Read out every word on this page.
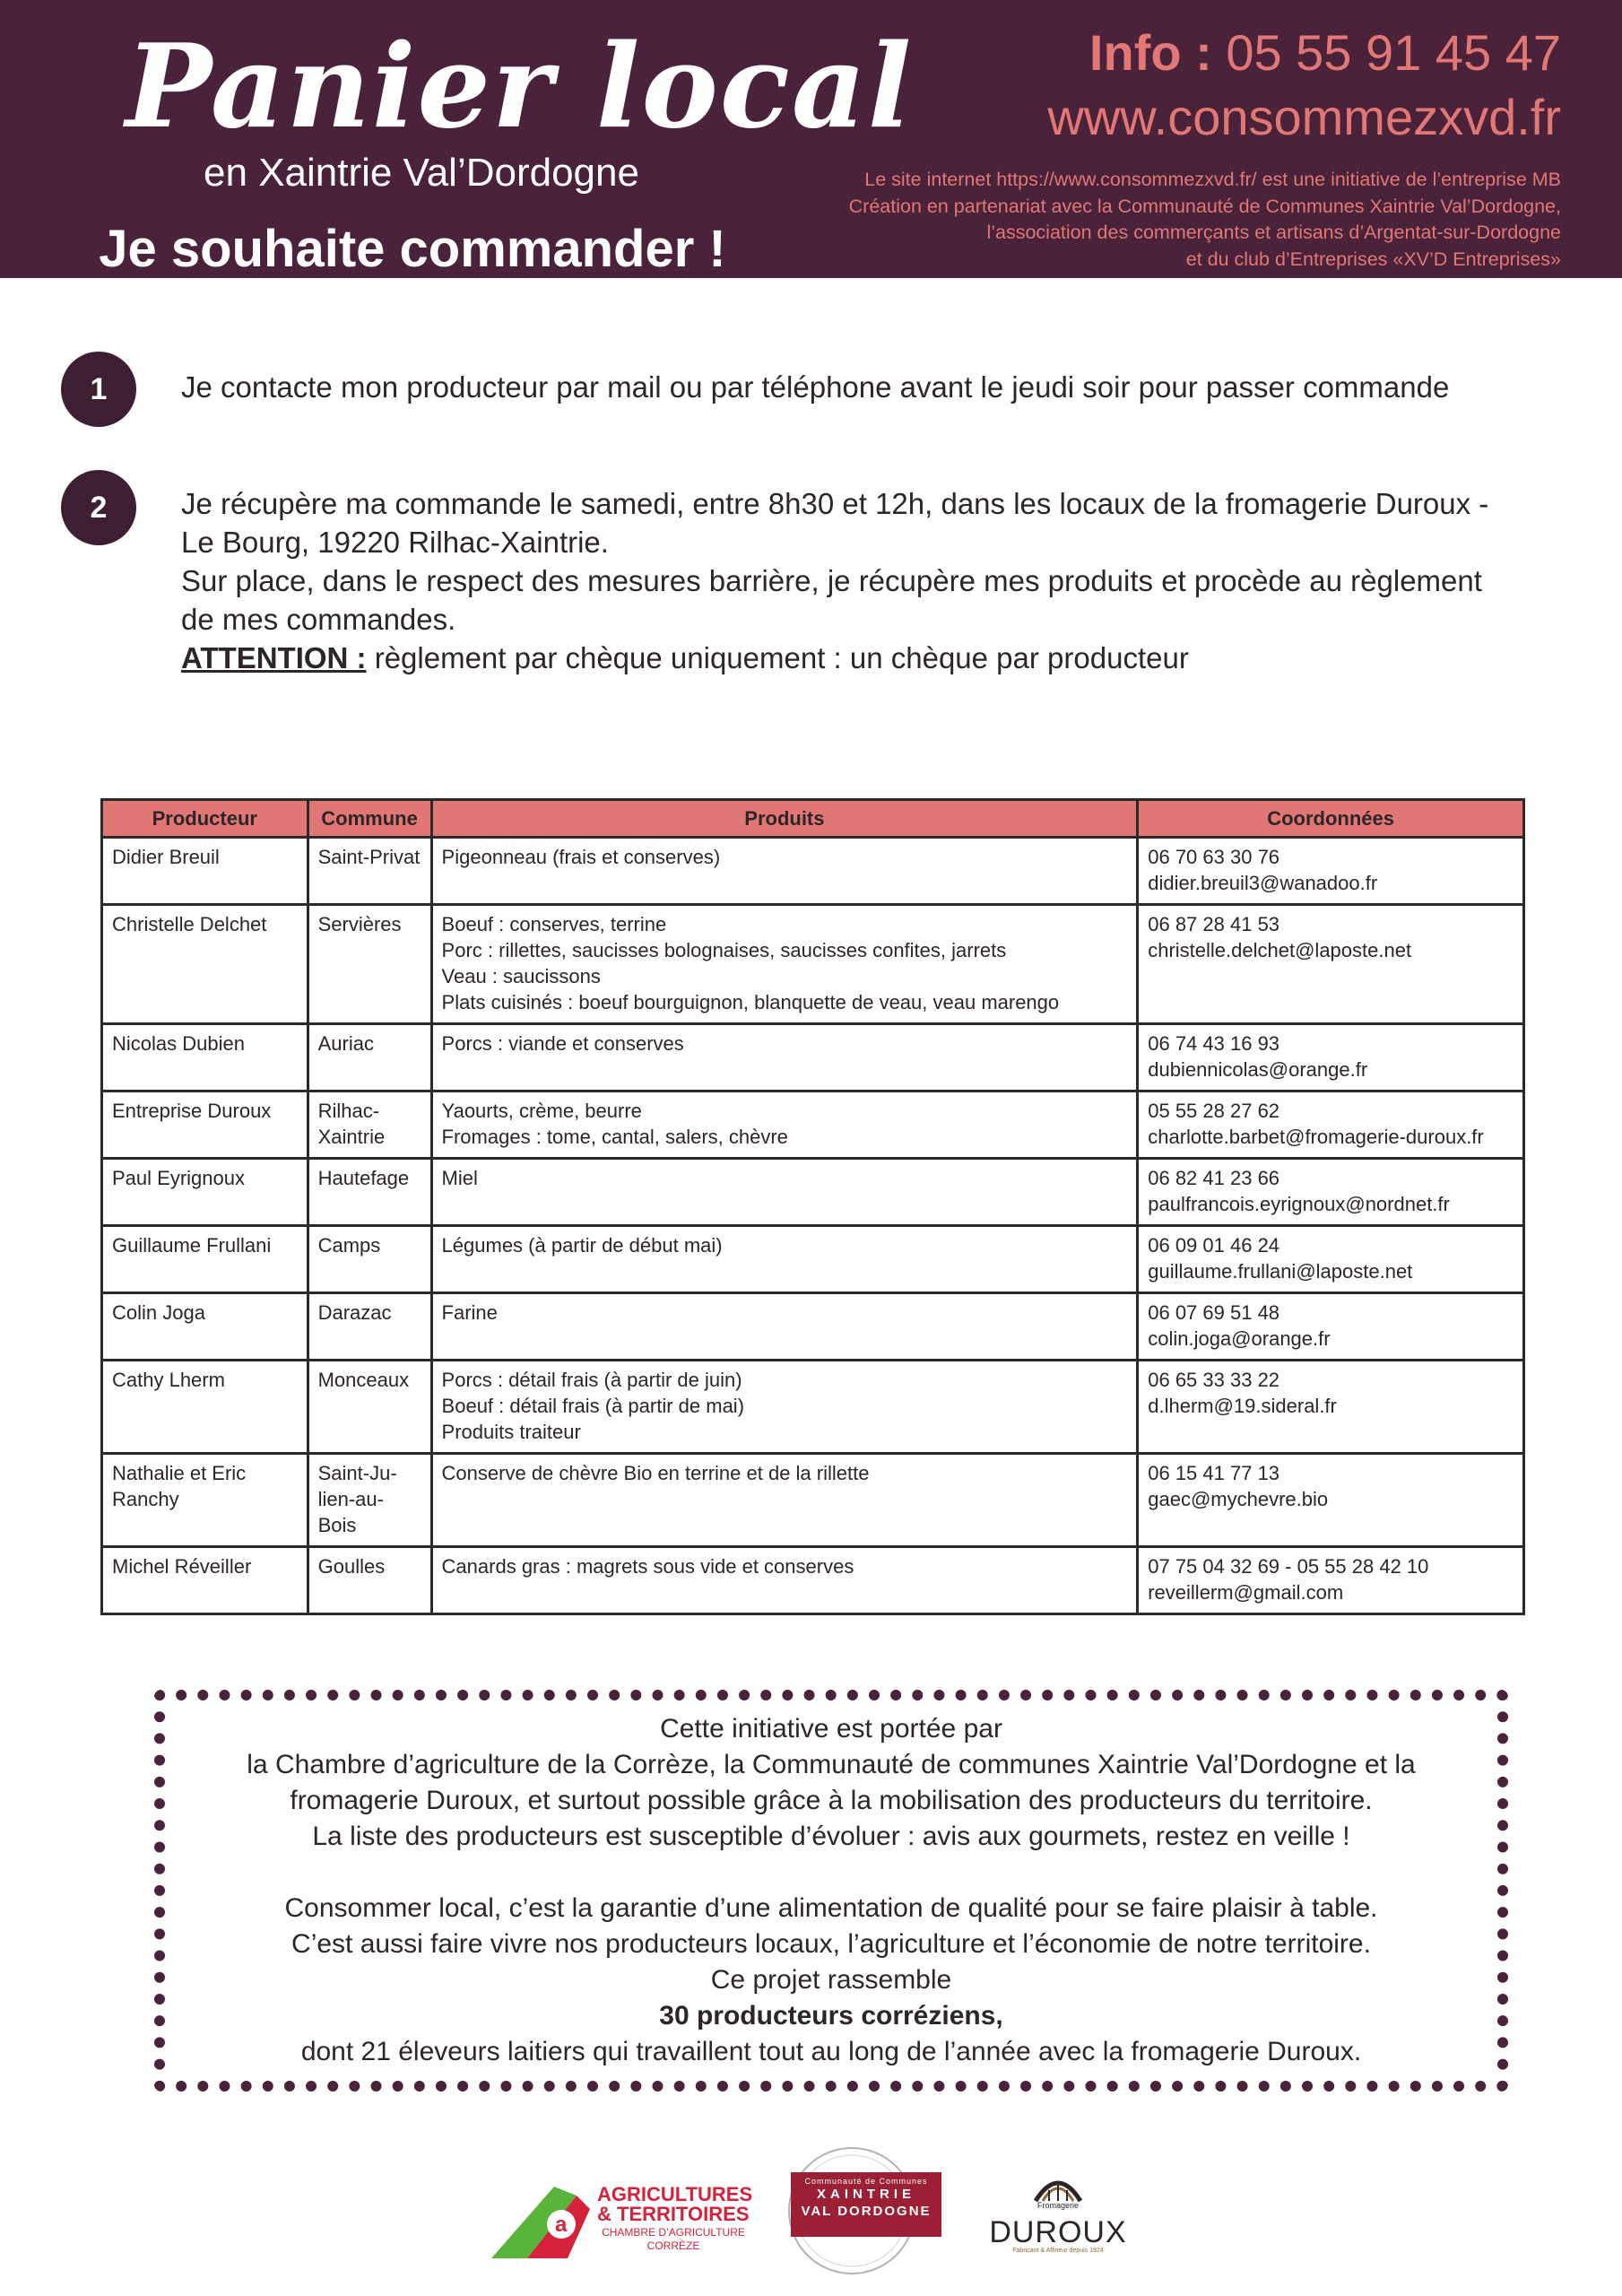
Panier local
en Xaintrie Val’Dordogne
Je souhaite commander !
Info : 05 55 91 45 47
www.consommezxvd.fr
Le site internet https://www.consommezxvd.fr/ est une initiative de l’entreprise MB
Création en partenariat avec la Communauté de Communes Xaintrie Val’Dordogne,
l’association des commerçants et artisans d’Argentat-sur-Dordogne
et du club d’Entreprises «XV’D Entreprises»
1	Je contacte mon producteur par mail ou par téléphone avant le jeudi soir pour passer commande
2	Je récupère ma commande le samedi, entre 8h30 et 12h, dans les locaux de la fromagerie Duroux -
Le Bourg, 19220 Rilhac-Xaintrie.
Sur place, dans le respect des mesures barrière, je récupère mes produits et procède au règlement
de mes commandes.
ATTENTION : règlement par chèque uniquement : un chèque par producteur
Producteur	Commune	Produits	Coordonnées

Didier Breuil	Saint-Privat	Pigeonneau (frais et conserves)	06 70 63 30 76
didier.breuil3@wanadoo.fr

Christelle Delchet	Servières	Boeuf : conserves, terrine
Porc : rillettes, saucisses bolognaises, saucisses confites, jarrets
Veau : saucissons
Plats cuisinés : boeuf bourguignon, blanquette de veau, veau marengo	06 87 28 41 53
christelle.delchet@laposte.net

Nicolas Dubien	Auriac	Porcs : viande et conserves	06 74 43 16 93
dubiennicolas@orange.fr

Entreprise Duroux	Rilhac-
Xaintrie	Yaourts, crème, beurre
Fromages : tome, cantal, salers, chèvre	05 55 28 27 62
charlotte.barbet@fromagerie-duroux.fr

Paul Eyrignoux	Hautefage	Miel	06 82 41 23 66
paulfrancois.eyrignoux@nordnet.fr

Guillaume Frullani	Camps	Légumes (à partir de début mai)	06 09 01 46 24
guillaume.frullani@laposte.net

Colin Joga	Darazac	Farine	06 07 69 51 48
colin.joga@orange.fr

Cathy Lherm	Monceaux	Porcs : détail frais (à partir de juin)
Boeuf : détail frais (à partir de mai)
Produits traiteur	06 65 33 33 22
d.lherm@19.sideral.fr

Nathalie et Eric
Ranchy	Saint-Ju-
lien-au-
Bois	Conserve de chèvre Bio en terrine et de la rillette	06 15 41 77 13
gaec@mychevre.bio

Michel Réveiller	Goulles	Canards gras : magrets sous vide et conserves	07 75 04 32 69 - 05 55 28 42 10
reveillerm@gmail.com
Cette initiative est portée par
la Chambre d’agriculture de la Corrèze, la Communauté de communes Xaintrie Val’Dordogne et la
fromagerie Duroux, et surtout possible grâce à la mobilisation des producteurs du territoire.
La liste des producteurs est susceptible d’évoluer : avis aux gourmets, restez en veille !
Consommer local, c’est la garantie d’une alimentation de qualité pour se faire plaisir à table.
C’est aussi faire vivre nos producteurs locaux, l’agriculture et l’économie de notre territoire.
Ce projet rassemble
30 producteurs corréziens,
dont 21 éleveurs laitiers qui travaillent tout au long de l’année avec la fromagerie Duroux.
a
AGRICULTURES
& TERRITOIRES
CHAMBRE D’AGRICULTURE
CORRÈZE
Communauté de Communes
XAINTRIE
VAL DORDOGNE	Fromagerie
DUROUX
Fabricant & Affineur depuis 1924
